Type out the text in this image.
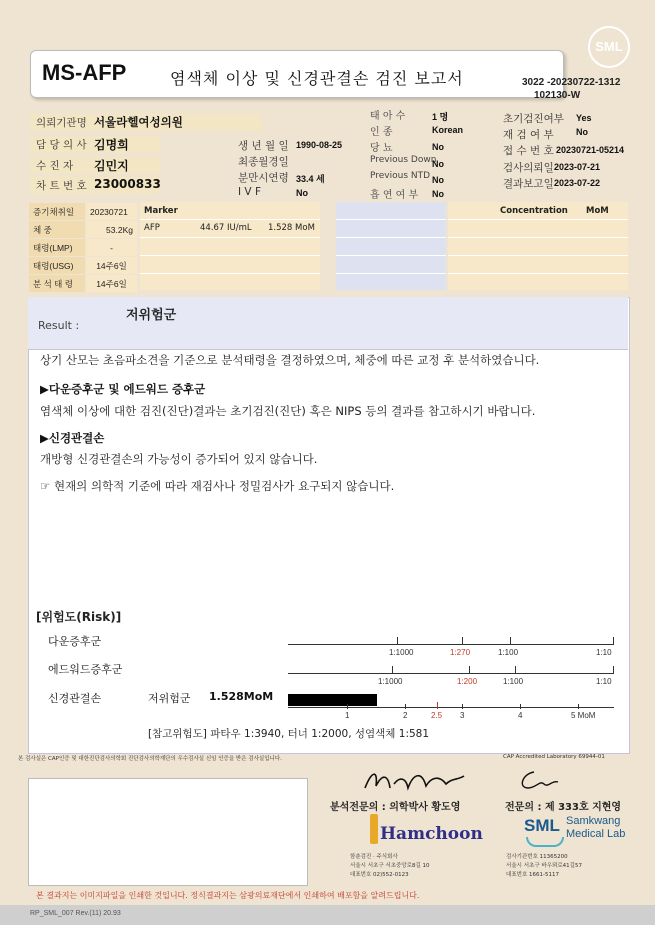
SML
MS-AFP	염색체 이상 및 신경관결손 검진 보고서	3022 -20230722-1312
102130-W
의뢰기관명 서울라헬여성의원
담 당 의 사 김명희
수 진 자	김민지
차 트 번 호 23000833
생 년 월 일 1990-08-25
최종월경일
분만시연령 33.4 세
I V F	No
태 아 수	1 명
인 종	Korean
당 뇨	No
Previous Down
No
Previous NTD No
흡 연 여 부 No
초기검진여부 Yes
재 검 여 부 No
접 수 번 호 20230721-05214
검사의뢰일 2023-07-21
결과보고일 2023-07-22
증기채취일	20230721
체 중	53.2Kg
태령(LMP)	-
태령(USG)	14주6일
분 석 태 령	14주6일
Marker
AFP	44.67 IU/mL 1.528 MoM
Concentration MoM
Result :
저위험군
상기 산모는 초음파소견을 기준으로 분석태령을 결정하였으며, 체중에 따른 교정 후 분석하였습니다.
▶다운증후군 및 에드워드 증후군
염색체 이상에 대한 검진(진단)결과는 초기검진(진단) 혹은 NIPS 등의 결과를 참고하시기 바랍니다.
▶신경관결손
개방형 신경관결손의 가능성이 증가되어 있지 않습니다.
☞ 현재의 의학적 기준에 따라 재검사나 정밀검사가 요구되지 않습니다.
[위험도(Risk)]
다운증후군
에드워드증후군
신경관결손	저위험군 1.528MoM
1:1000	1:270	1:100	1:10
1:1000	1:200	1:100	1:10
1	2	2.5 3	4	5 MoM
[참고위험도] 파타우 1:3940, 터너 1:2000, 성염색체 1:581
본 검사실은 CAP인증 및 대한진단검사의학회 진단검사의학재단의 우수검사실 신임 인증을 받은 검사실입니다.	CAP Accredited Laboratory 69944-01
분석전문의 : 의학박사 황도영	전문의 : 제 333호 지현영
Hamchoon
함춘검진 · 주식회사
서울시 서초구 서초중앙로8길 10
대표번호 02)552-0123
SML Samkwang
Medical Lab
검사기관번호 11365200
서울시 서초구 바우뫼로41길57
대표번호 1661-5117
본 결과지는 이미지파일을 인쇄한 것입니다. 정식결과지는 삼광의료재단에서 인쇄하여 배포함을 알려드립니다.
RP_SML_007 Rev.(11) 20.93
